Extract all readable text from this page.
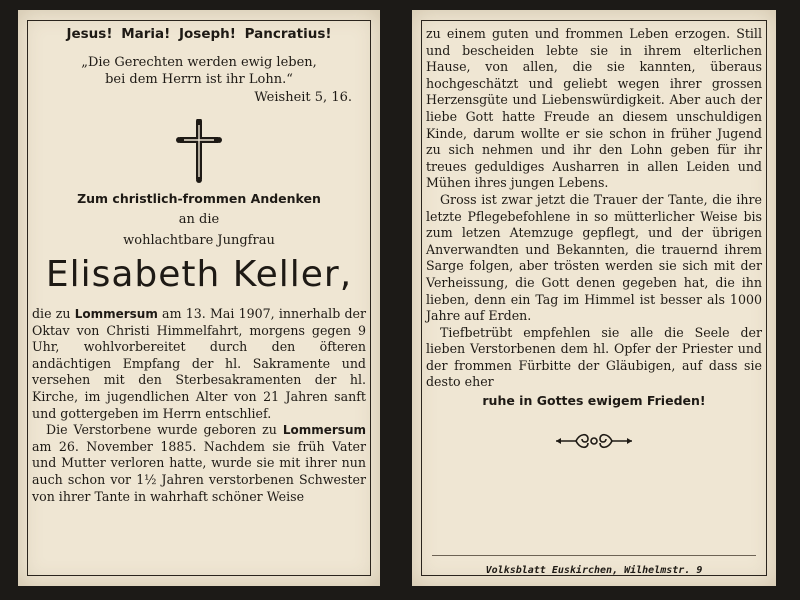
Jesus! Maria! Joseph! Pancratius!
„Die Gerechten werden ewig leben,
bei dem Herrn ist ihr Lohn.“
Weisheit 5, 16.
Zum christlich-frommen Andenken
an die
wohlachtbare Jungfrau
Elisabeth Keller,
die zu Lommersum am 13. Mai 1907, innerhalb der Oktav von Christi Himmelfahrt, morgens gegen 9 Uhr, wohlvorbereitet durch den öfteren andächtigen Empfang der hl. Sakramente und versehen mit den Sterbesakramenten der hl. Kirche, im jugendlichen Alter von 21 Jahren sanft und gottergeben im Herrn entschlief.
Die Verstorbene wurde geboren zu Lommersum am 26. November 1885. Nachdem sie früh Vater und Mutter verloren hatte, wurde sie mit ihrer nun auch schon vor 1½ Jahren verstorbenen Schwester von ihrer Tante in wahrhaft schöner Weise
zu einem guten und frommen Leben erzogen. Still und bescheiden lebte sie in ihrem elterlichen Hause, von allen, die sie kannten, überaus hochgeschätzt und geliebt wegen ihrer grossen Herzensgüte und Liebenswürdigkeit. Aber auch der liebe Gott hatte Freude an diesem unschuldigen Kinde, darum wollte er sie schon in früher Jugend zu sich nehmen und ihr den Lohn geben für ihr treues geduldiges Ausharren in allen Leiden und Mühen ihres jungen Lebens.
Gross ist zwar jetzt die Trauer der Tante, die ihre letzte Pflegebefohlene in so mütterlicher Weise bis zum letzen Atemzuge gepflegt, und der übrigen Anverwandten und Bekannten, die trauernd ihrem Sarge folgen, aber trösten werden sie sich mit der Verheissung, die Gott denen gegeben hat, die ihn lieben, denn ein Tag im Himmel ist besser als 1000 Jahre auf Erden.
Tiefbetrübt empfehlen sie alle die Seele der lieben Verstorbenen dem hl. Opfer der Priester und der frommen Fürbitte der Gläubigen, auf dass sie desto eher
ruhe in Gottes ewigem Frieden!
Volksblatt Euskirchen, Wilhelmstr. 9
